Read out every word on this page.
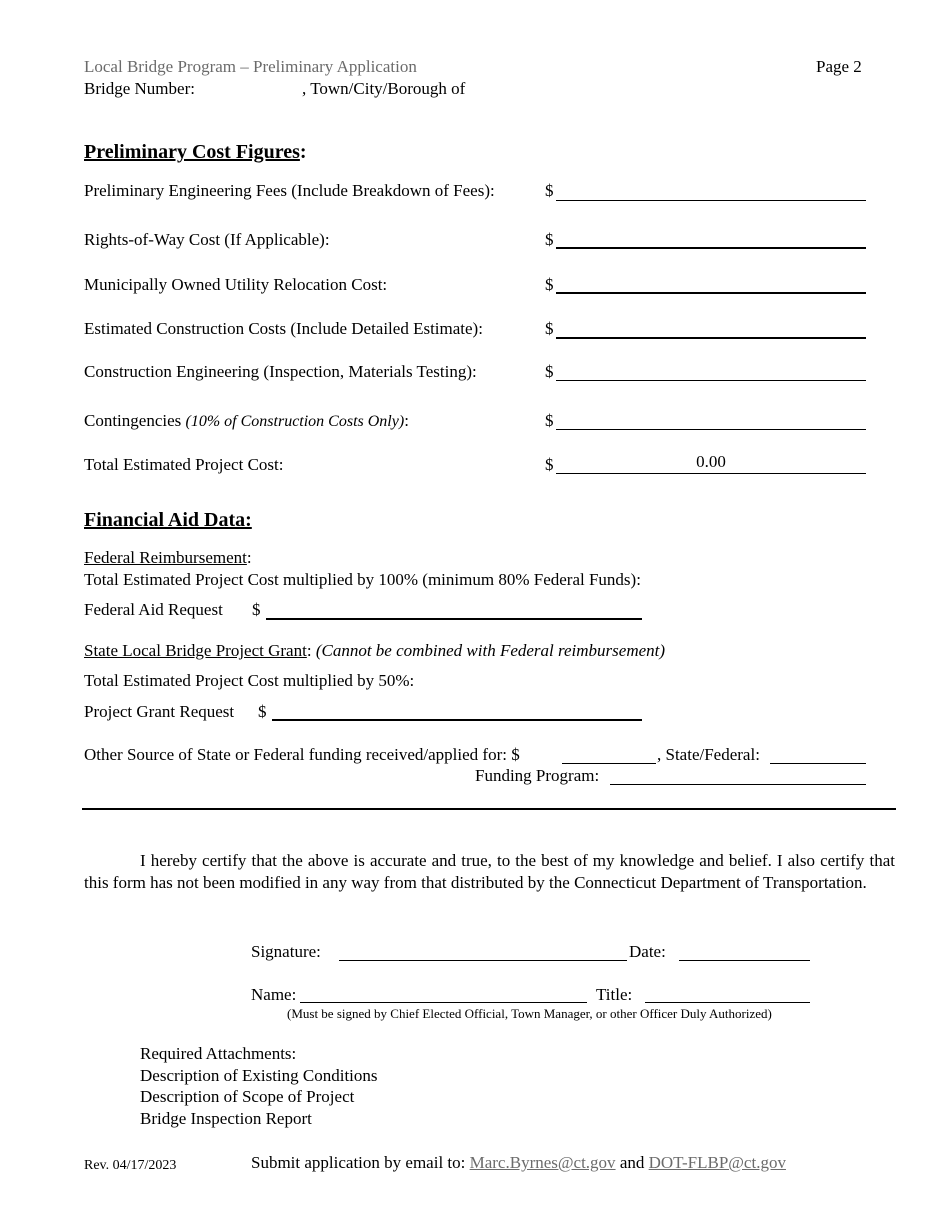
Local Bridge Program – Preliminary Application	Page 2
Bridge Number:	, Town/City/Borough of
Preliminary Cost Figures:
Preliminary Engineering Fees (Include Breakdown of Fees):	$
Rights-of-Way Cost (If Applicable):	$
Municipally Owned Utility Relocation Cost:	$
Estimated Construction Costs (Include Detailed Estimate):	$
Construction Engineering (Inspection, Materials Testing):	$
Contingencies (10% of Construction Costs Only):	$
Total Estimated Project Cost:	$	0.00
Financial Aid Data:
Federal Reimbursement:
Total Estimated Project Cost multiplied by 100% (minimum 80% Federal Funds):
Federal Aid Request $
State Local Bridge Project Grant: (Cannot be combined with Federal reimbursement)
Total Estimated Project Cost multiplied by 50%:
Project Grant Request $
Other Source of State or Federal funding received/applied for: $	, State/Federal:
Funding Program:
I hereby certify that the above is accurate and true, to the best of my knowledge and belief. I also certify that this form has not been modified in any way from that distributed by the Connecticut Department of Transportation.
Signature:	Date:
Name:	Title:
(Must be signed by Chief Elected Official, Town Manager, or other Officer Duly Authorized)
Required Attachments:
Description of Existing Conditions
Description of Scope of Project
Bridge Inspection Report
Rev. 04/17/2023	Submit application by email to: Marc.Byrnes@ct.gov and DOT-FLBP@ct.gov
